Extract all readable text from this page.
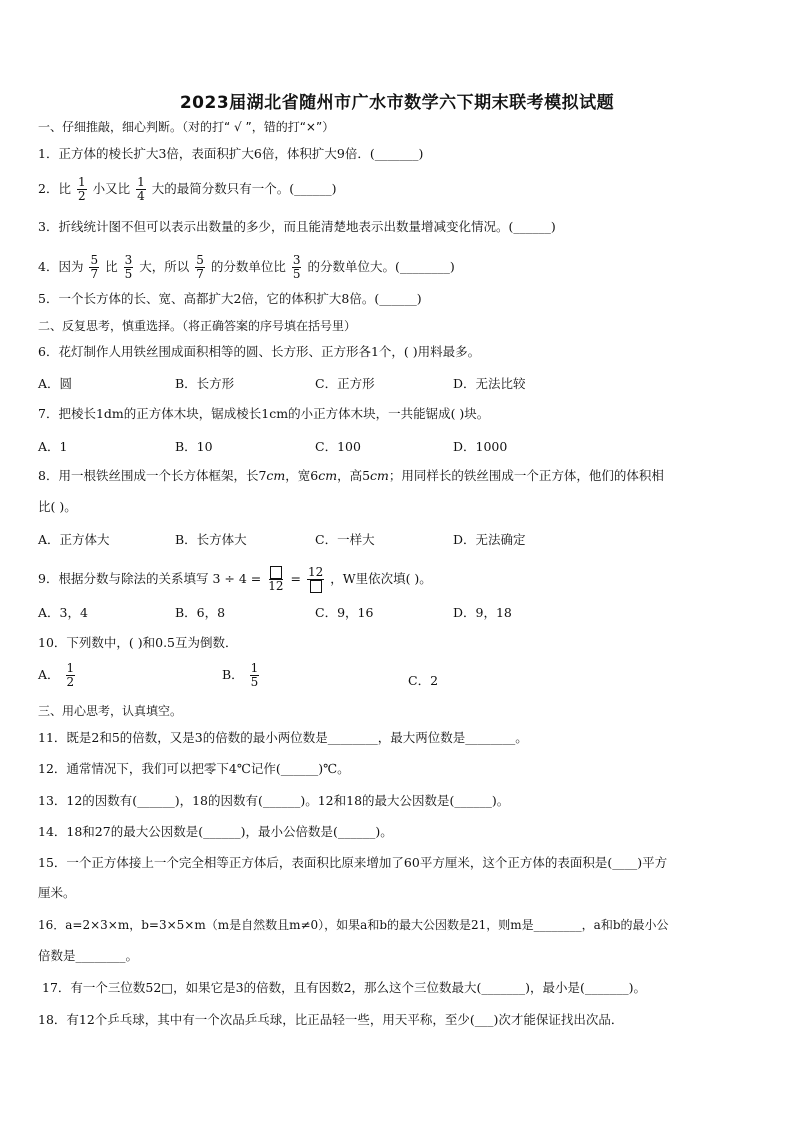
2023届湖北省随州市广水市数学六下期末联考模拟试题
一、仔细推敲，细心判断。（对的打“ √ ”，错的打“×”）
1．正方体的棱长扩大3倍，表面积扩大6倍，体积扩大9倍．(_______)
2．比 $\frac{1}{2}$ 小又比 $\frac{1}{4}$ 大的最简分数只有一个。(______)
3．折线统计图不但可以表示出数量的多少，而且能清楚地表示出数量增减变化情况。(______)
4．因为 $\frac{5}{7}$ 比 $\frac{3}{5}$ 大，所以 $\frac{5}{7}$ 的分数单位比 $\frac{3}{5}$ 的分数单位大。(________)
5．一个长方体的长、宽、高都扩大2倍，它的体积扩大8倍。(______)
二、反复思考，慎重选择。（将正确答案的序号填在括号里）
6．花灯制作人用铁丝围成面积相等的圆、长方形、正方形各1个，( )用料最多。
A．圆	B．长方形	C．正方形	D．无法比较
7．把棱长1dm的正方体木块，锯成棱长1cm的小正方体木块，一共能锯成( )块。
A．1	B．10	C．100	D．1000
8．用一根铁丝围成一个长方体框架，长7cm，宽6cm，高5cm；用同样长的铁丝围成一个正方体，他们的体积相
比( )。
A．正方体大	B．长方体大	C．一样大	D．无法确定
9．根据分数与除法的关系填写 3 ÷ 4 = 12 = 12 ，W里依次填( )。
A．3，4	B．6，8	C．9，16	D．9，18
10．下列数中，( )和0.5互为倒数．
A． $\frac{1}{2}$	B． $\frac{1}{5}$	C．2
三、用心思考，认真填空。
11．既是2和5的倍数，又是3的倍数的最小两位数是________，最大两位数是________。
12．通常情况下，我们可以把零下4℃记作(______)℃。
13．12的因数有(______)，18的因数有(______)。12和18的最大公因数是(______)。
14．18和27的最大公因数是(______)，最小公倍数是(______)。
15．一个正方体接上一个完全相等正方体后，表面积比原来增加了60平方厘米，这个正方体的表面积是(____)平方
厘米。
16．a=2×3×m，b=3×5×m（m是自然数且m≠0），如果a和b的最大公因数是21，则m是________，a和b的最小公
倍数是________。
17．有一个三位数52□，如果它是3的倍数，且有因数2，那么这个三位数最大(_______)，最小是(_______)。
18．有12个乒乓球，其中有一个次品乒乓球，比正品轻一些，用天平称，至少(___)次才能保证找出次品．
